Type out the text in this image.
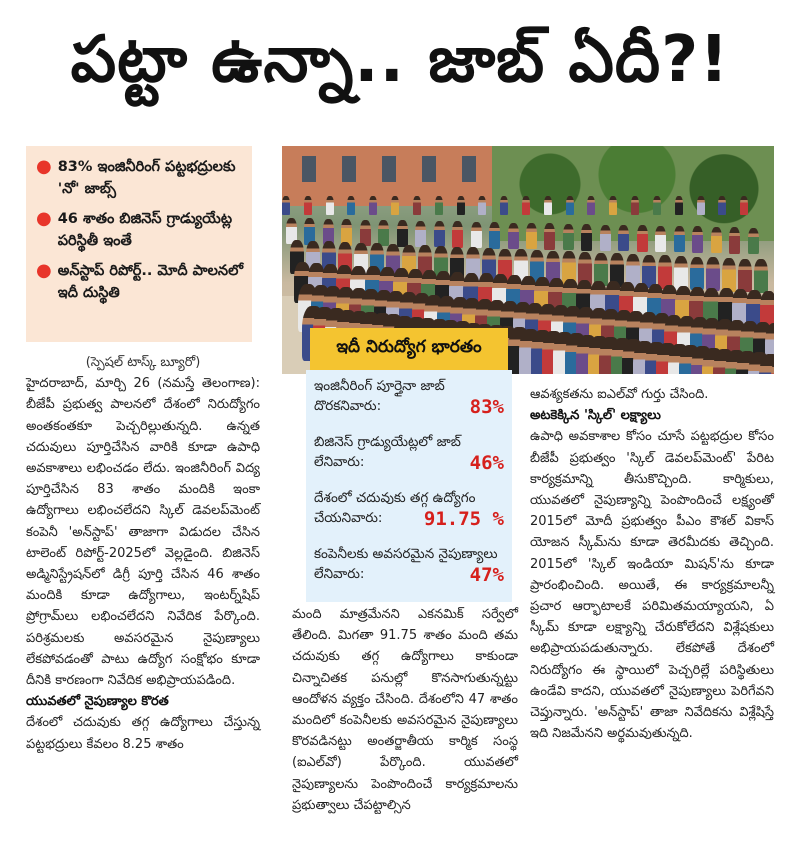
పట్టా ఉన్నా.. జాబ్ ఏదీ?!
● 83% ఇంజినీరింగ్ పట్టభద్రులకు 'నో' జాబ్స్
● 46 శాతం బిజినెస్ గ్రాడ్యుయేట్ల పరిస్థితీ ఇంతే
● అన్‌స్టాప్ రిపోర్ట్.. మోదీ పాలనలో ఇదీ దుస్థితి
ఇదీ నిరుద్యోగ భారతం
ఇంజినీరింగ్ పూర్తైనా జాబ్ దొరకనివారు:	83%
బిజినెస్ గ్రాడ్యుయేట్లలో జాబ్ లేనివారు:	46%
దేశంలో చదువుకు తగ్గ ఉద్యోగం చేయనివారు:	91.75 %
కంపెనీలకు అవసరమైన నైపుణ్యాలు లేనివారు:	47%

(స్పెషల్ టాస్క్ బ్యూరో)

హైదరాబాద్, మార్చి 26 (నమస్తే తెలంగాణ): బీజేపీ ప్రభుత్వ పాలనలో దేశంలో నిరుద్యోగం అంతకంతకూ పెచ్చరిల్లుతున్నది. ఉన్నత చదువులు పూర్తిచేసిన వారికి కూడా ఉపాధి అవకాశాలు లభించడం లేదు. ఇంజినీరింగ్ విద్య పూర్తిచేసిన 83 శాతం మందికి ఇంకా ఉద్యోగాలు లభించలేదని స్కిల్ డెవలప్‌మెంట్ కంపెనీ 'అన్‌స్టాప్' తాజాగా విడుదల చేసిన టాలెంట్ రిపోర్ట్-2025లో వెల్లడైంది. బిజినెస్ అడ్మినిస్ట్రేషన్‌లో డిగ్రీ పూర్తి చేసిన 46 శాతం మందికి కూడా ఉద్యోగాలు, ఇంటర్న్‌షిప్ ప్రోగ్రామ్‌లు లభించలేదని నివేదిక పేర్కొంది. పరిశ్రమలకు అవసరమైన నైపుణ్యాలు లేకపోవడంతో పాటు ఉద్యోగ సంక్షోభం కూడా దీనికి కారణంగా నివేదిక అభిప్రాయపడింది.

యువతలో నైపుణ్యాల కొరత

దేశంలో చదువుకు తగ్గ ఉద్యోగాలు చేస్తున్న పట్టభద్రులు కేవలం 8.25 శాతం

మంది మాత్రమేనని ఎకనమిక్ సర్వేలో తేలింది. మిగతా 91.75 శాతం మంది తమ చదువుకు తగ్గ ఉద్యోగాలు కాకుండా చిన్నాచితక పనుల్లో కొనసాగుతున్నట్టు ఆందోళన వ్యక్తం చేసింది. దేశంలోని 47 శాతం మందిలో కంపెనీలకు అవసరమైన నైపుణ్యాలు కొరవడినట్టు అంతర్జాతీయ కార్మిక సంస్థ (ఐఎల్‌వో) పేర్కొంది. యువతలో నైపుణ్యాలను పెంపొందించే కార్యక్రమాలను ప్రభుత్వాలు చేపట్టాల్సిన

ఆవశ్యకతను ఐఎల్‌వో గుర్తు చేసింది.

అటకెక్కిన 'స్కిల్' లక్ష్యాలు

ఉపాధి అవకాశాల కోసం చూసే పట్టభద్రుల కోసం బీజేపీ ప్రభుత్వం 'స్కిల్ డెవలప్‌మెంట్' పేరిట కార్యక్రమాన్ని తీసుకొచ్చింది. కార్మికులు, యువతలో నైపుణ్యాన్ని పెంపొందించే లక్ష్యంతో 2015లో మోదీ ప్రభుత్వం పీఎం కౌశల్ వికాస్ యోజన స్కీమ్‌ను కూడా తెరమీదకు తెచ్చింది. 2015లో 'స్కిల్ ఇండియా మిషన్'ను కూడా ప్రారంభించింది. అయితే, ఈ కార్యక్రమాలన్నీ ప్రచార ఆర్భాటాలకే పరిమితమయ్యాయని, ఏ స్కీమ్ కూడా లక్ష్యాన్ని చేరుకోలేదని విశ్లేషకులు అభిప్రాయపడుతున్నారు. లేకపోతే దేశంలో నిరుద్యోగం ఈ స్థాయిలో పెచ్చరిల్లే పరిస్థితులు ఉండేవి కాదని, యువతలో నైపుణ్యాలు పెరిగేవని చెప్తున్నారు. 'అన్‌స్టాప్' తాజా నివేదికను విశ్లేషిస్తే ఇది నిజమేనని అర్థమవుతున్నది.
